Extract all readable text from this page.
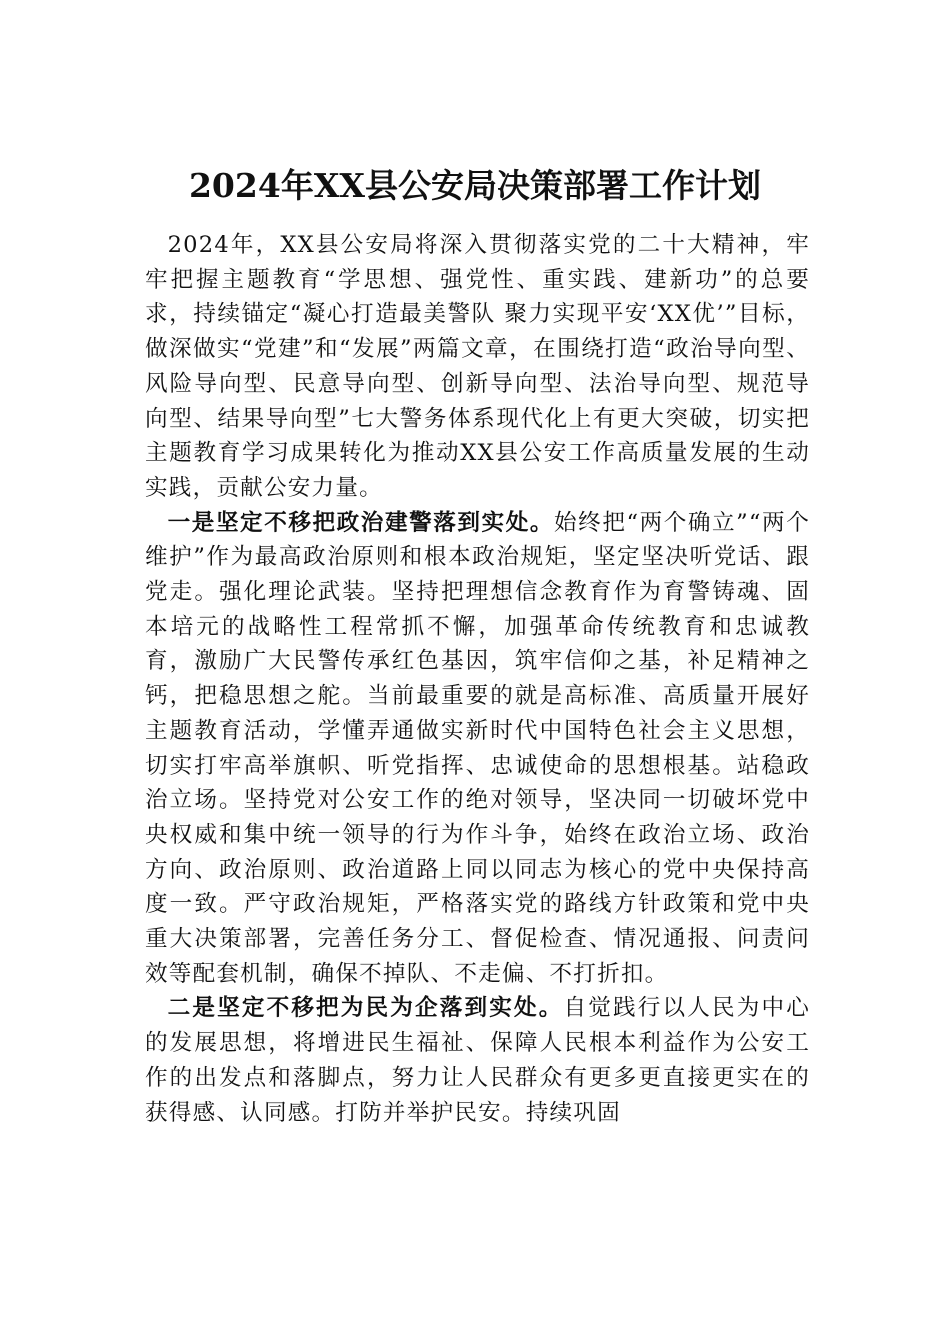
2024年XX县公安局决策部署工作计划

2024年，XX县公安局将深入贯彻落实党的二十大精神，牢牢把握主题教育“学思想、强党性、重实践、建新功”的总要求，持续锚定“凝心打造最美警队 聚力实现平安‘XX优’”目标，做深做实“党建”和“发展”两篇文章，在围绕打造“政治导向型、风险导向型、民意导向型、创新导向型、法治导向型、规范导向型、结果导向型”七大警务体系现代化上有更大突破，切实把主题教育学习成果转化为推动XX县公安工作高质量发展的生动实践，贡献公安力量。

一是坚定不移把政治建警落到实处。始终把“两个确立”“两个维护”作为最高政治原则和根本政治规矩，坚定坚决听党话、跟党走。强化理论武装。坚持把理想信念教育作为育警铸魂、固本培元的战略性工程常抓不懈，加强革命传统教育和忠诚教育，激励广大民警传承红色基因，筑牢信仰之基，补足精神之钙，把稳思想之舵。当前最重要的就是高标准、高质量开展好主题教育活动，学懂弄通做实新时代中国特色社会主义思想，切实打牢高举旗帜、听党指挥、忠诚使命的思想根基。站稳政治立场。坚持党对公安工作的绝对领导，坚决同一切破坏党中央权威和集中统一领导的行为作斗争，始终在政治立场、政治方向、政治原则、政治道路上同以同志为核心的党中央保持高度一致。严守政治规矩，严格落实党的路线方针政策和党中央重大决策部署，完善任务分工、督促检查、情况通报、问责问效等配套机制，确保不掉队、不走偏、不打折扣。

二是坚定不移把为民为企落到实处。自觉践行以人民为中心的发展思想，将增进民生福祉、保障人民根本利益作为公安工作的出发点和落脚点，努力让人民群众有更多更直接更实在的获得感、认同感。打防并举护民安。持续巩固
